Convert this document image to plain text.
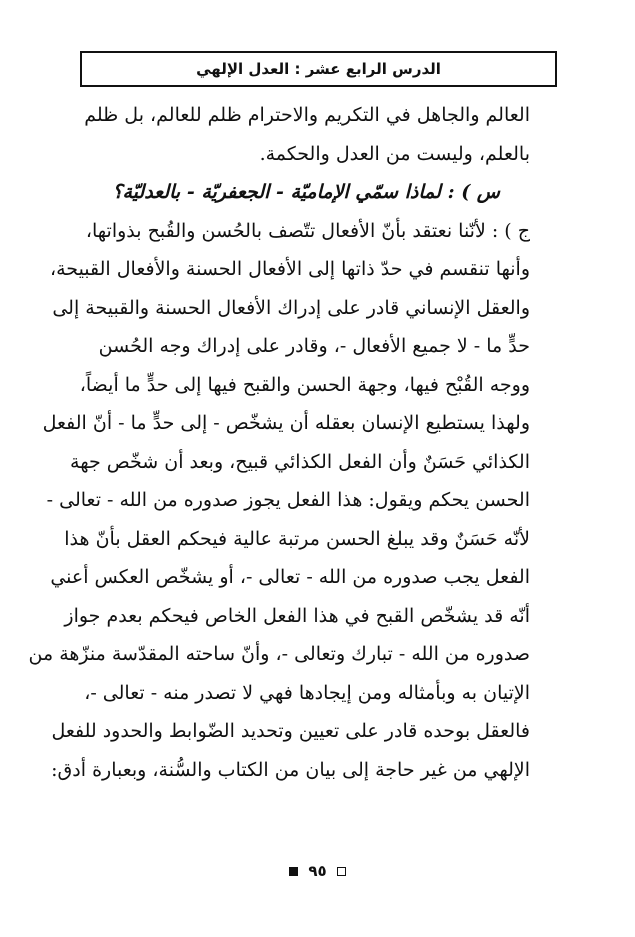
الدرس الرابع عشر : العدل الإلهي
العالم والجاهل في التكريم والاحترام ظلم للعالم، بل ظلم
بالعلم، وليست من العدل والحكمة.
س ) : لماذا سمّي الإماميّة - الجعفريّة - بالعدليّة؟
ج ) : لأنّنا نعتقد بأنّ الأفعال تتّصف بالحُسن والقُبح بذواتها،
وأنها تنقسم في حدّ ذاتها إلى الأفعال الحسنة والأفعال القبيحة،
والعقل الإنساني قادر على إدراك الأفعال الحسنة والقبيحة إلى
حدٍّ ما - لا جميع الأفعال -، وقادر على إدراك وجه الحُسن
ووجه القُبْح فيها، وجهة الحسن والقبح فيها إلى حدٍّ ما أيضاً،
ولهذا يستطيع الإنسان بعقله أن يشخّص - إلى حدٍّ ما - أنّ الفعل
الكذائي حَسَنٌ وأن الفعل الكذائي قبيح، وبعد أن شخّص جهة
الحسن يحكم ويقول: هذا الفعل يجوز صدوره من الله - تعالى -
لأنّه حَسَنٌ وقد يبلغ الحسن مرتبة عالية فيحكم العقل بأنّ هذا
الفعل يجب صدوره من الله - تعالى -، أو يشخّص العكس أعني
أنّه قد يشخّص القبح في هذا الفعل الخاص فيحكم بعدم جواز
صدوره من الله - تبارك وتعالى -، وأنّ ساحته المقدّسة منزّهة من
الإتيان به وبأمثاله ومن إيجادها فهي لا تصدر منه - تعالى -،
فالعقل بوحده قادر على تعيين وتحديد الضّوابط والحدود للفعل
الإلهي من غير حاجة إلى بيان من الكتاب والسُّنة، وبعبارة أدق:
٩٥
